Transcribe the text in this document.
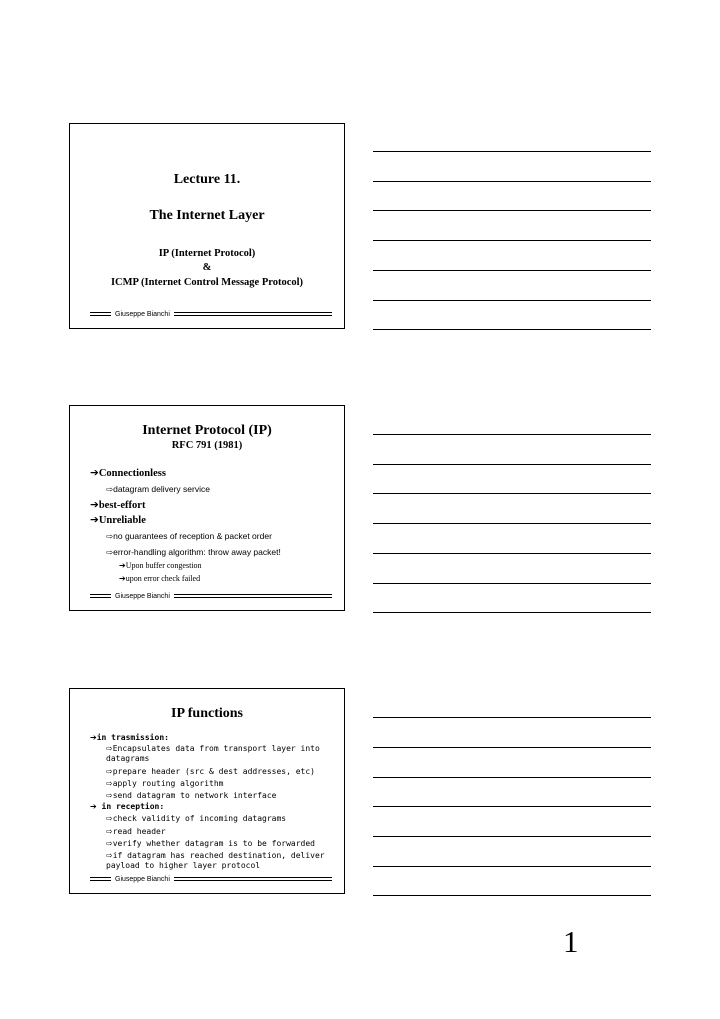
Lecture 11.
The Internet Layer
IP (Internet Protocol)
&
ICMP (Internet Control Message Protocol)
Giuseppe Bianchi
Internet Protocol (IP)
RFC 791 (1981)
➔Connectionless
⇨datagram delivery service
➔best-effort
➔Unreliable
⇨no guarantees of reception & packet order
⇨error-handling algorithm: throw away packet!
➔Upon buffer congestion
➔upon error check failed
Giuseppe Bianchi
IP functions
➔in trasmission:
⇨Encapsulates data from transport layer into datagrams
⇨prepare header (src & dest addresses, etc)
⇨apply routing algorithm
⇨send datagram to network interface
➔ in reception:
⇨check validity of incoming datagrams
⇨read header
⇨verify whether datagram is to be forwarded
⇨if datagram has reached destination, deliver payload to higher layer protocol
Giuseppe Bianchi
1
